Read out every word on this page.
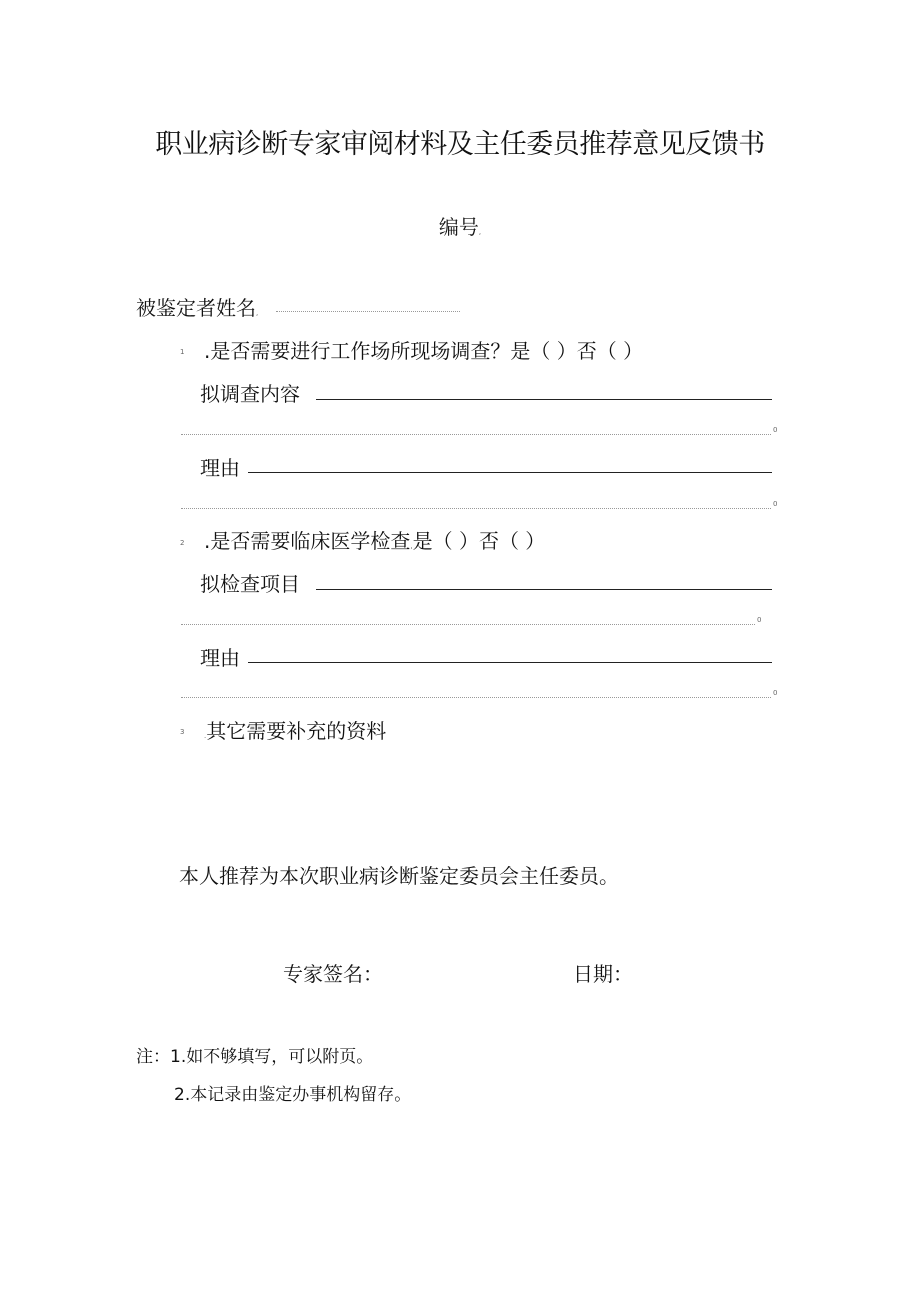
职业病诊断专家审阅材料及主任委员推荐意见反馈书
编号,
被鉴定者姓名,
1 .是否需要进行工作场所现场调查？是（ ）否（ ）
拟调查内容
0
理由
0
2 .是否需要临床医学检查,是（ ）否（ ）
拟检查项目
0
理由
0
3	.其它需要补充的资料
本人推荐为本次职业病诊断鉴定委员会主任委员。
专家签名：	日期：
注：1.如不够填写，可以附页。
2.本记录由鉴定办事机构留存。
